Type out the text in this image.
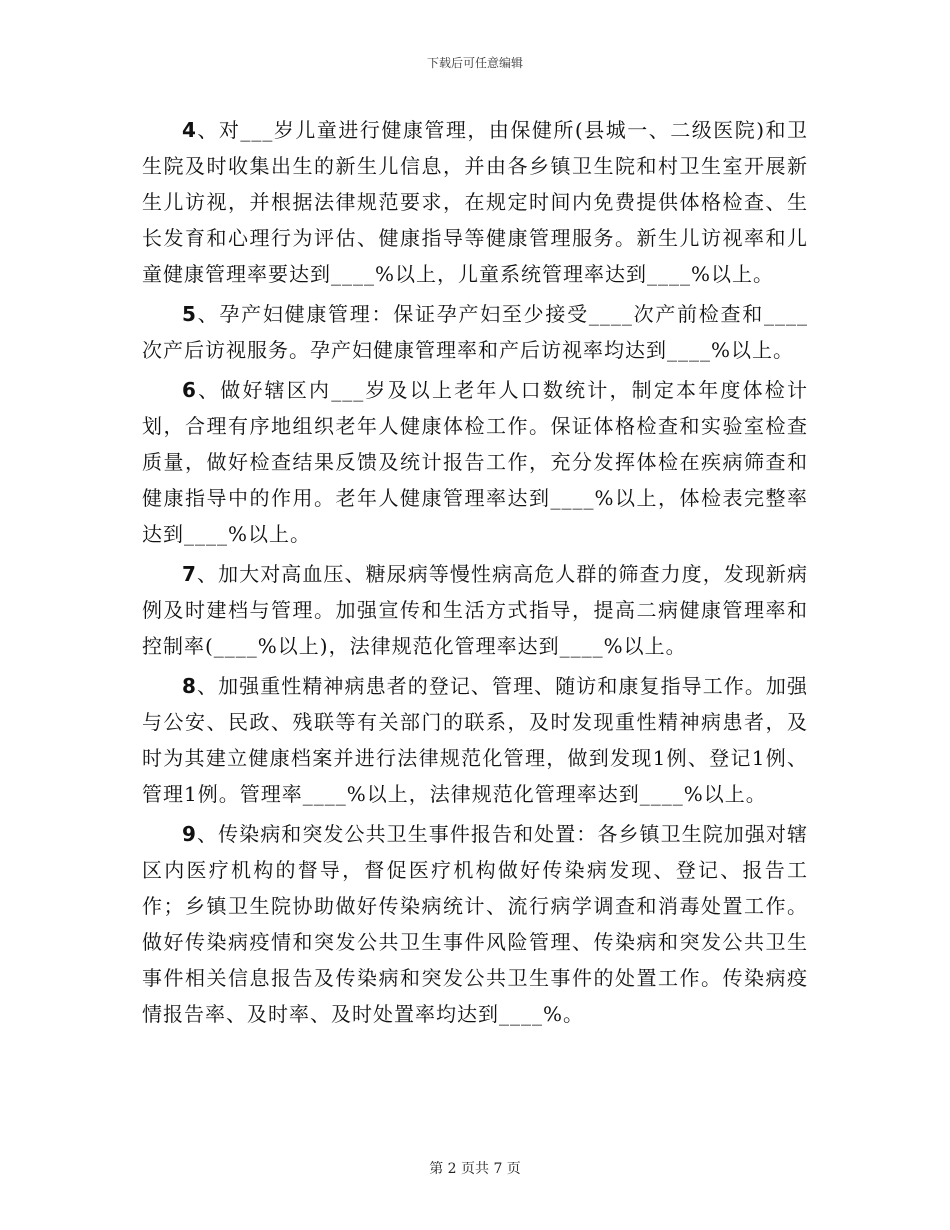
下载后可任意编辑

4、对___岁儿童进行健康管理，由保健所(县城一、二级医院)和卫生院及时收集出生的新生儿信息，并由各乡镇卫生院和村卫生室开展新生儿访视，并根据法律规范要求，在规定时间内免费提供体格检查、生长发育和心理行为评估、健康指导等健康管理服务。新生儿访视率和儿童健康管理率要达到____%以上，儿童系统管理率达到____%以上。

5、孕产妇健康管理：保证孕产妇至少接受____次产前检查和____次产后访视服务。孕产妇健康管理率和产后访视率均达到____%以上。

6、做好辖区内___岁及以上老年人口数统计，制定本年度体检计划，合理有序地组织老年人健康体检工作。保证体格检查和实验室检查质量，做好检查结果反馈及统计报告工作，充分发挥体检在疾病筛查和健康指导中的作用。老年人健康管理率达到____%以上，体检表完整率达到____%以上。

7、加大对高血压、糖尿病等慢性病高危人群的筛查力度，发现新病例及时建档与管理。加强宣传和生活方式指导，提高二病健康管理率和控制率(____%以上)，法律规范化管理率达到____%以上。

8、加强重性精神病患者的登记、管理、随访和康复指导工作。加强与公安、民政、残联等有关部门的联系，及时发现重性精神病患者，及时为其建立健康档案并进行法律规范化管理，做到发现1例、登记1例、管理1例。管理率____%以上，法律规范化管理率达到____%以上。

9、传染病和突发公共卫生事件报告和处置：各乡镇卫生院加强对辖区内医疗机构的督导，督促医疗机构做好传染病发现、登记、报告工作；乡镇卫生院协助做好传染病统计、流行病学调查和消毒处置工作。做好传染病疫情和突发公共卫生事件风险管理、传染病和突发公共卫生事件相关信息报告及传染病和突发公共卫生事件的处置工作。传染病疫情报告率、及时率、及时处置率均达到____%。

第 2 页共 7 页
